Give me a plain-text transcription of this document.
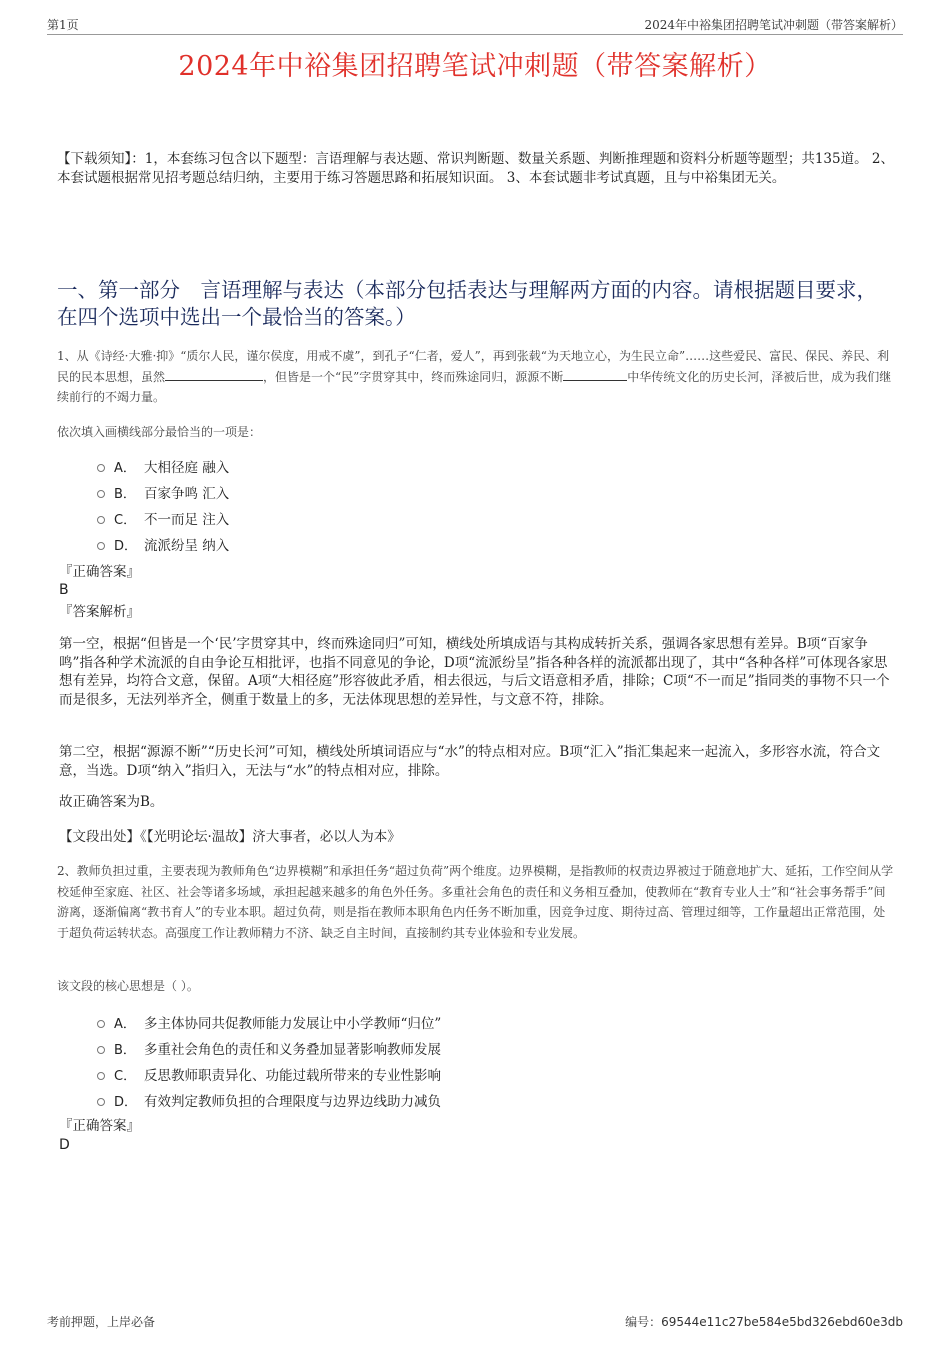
第1页	2024年中裕集团招聘笔试冲刺题（带答案解析）
2024年中裕集团招聘笔试冲刺题（带答案解析）
【下载须知】：1，本套练习包含以下题型：言语理解与表达题、常识判断题、数量关系题、判断推理题和资料分析题等题型；共135道。 2、本套试题根据常见招考题总结归纳，主要用于练习答题思路和拓展知识面。 3、本套试题非考试真题，且与中裕集团无关。
一、第一部分　言语理解与表达（本部分包括表达与理解两方面的内容。请根据题目要求，在四个选项中选出一个最恰当的答案。）
1、从《诗经·大雅·抑》“质尔人民，谨尔侯度，用戒不虞”，到孔子“仁者，爱人”，再到张载“为天地立心，为生民立命”……这些爱民、富民、保民、养民、利民的民本思想，虽然	，但皆是一个“民”字贯穿其中，终而殊途同归，源源不断	中华传统文化的历史长河，泽被后世，成为我们继续前行的不竭力量。
依次填入画横线部分最恰当的一项是：
A． 大相径庭 融入
B． 百家争鸣 汇入
C． 不一而足 注入
D． 流派纷呈 纳入
『正确答案』
B
『答案解析』
第一空，根据“但皆是一个‘民’字贯穿其中，终而殊途同归”可知，横线处所填成语与其构成转折关系，强调各家思想有差异。B项“百家争鸣”指各种学术流派的自由争论互相批评，也指不同意见的争论，D项“流派纷呈”指各种各样的流派都出现了，其中“各种各样”可体现各家思想有差异，均符合文意，保留。A项“大相径庭”形容彼此矛盾，相去很远，与后文语意相矛盾，排除；C项“不一而足”指同类的事物不只一个而是很多，无法列举齐全，侧重于数量上的多，无法体现思想的差异性，与文意不符，排除。
第二空，根据“源源不断”“历史长河”可知，横线处所填词语应与“水”的特点相对应。B项“汇入”指汇集起来一起流入，多形容水流，符合文意，当选。D项“纳入”指归入，无法与“水”的特点相对应，排除。
故正确答案为B。
【文段出处】《【光明论坛·温故】济大事者，必以人为本》
2、教师负担过重，主要表现为教师角色“边界模糊”和承担任务“超过负荷”两个维度。边界模糊，是指教师的权责边界被过于随意地扩大、延拓，工作空间从学校延伸至家庭、社区、社会等诸多场域，承担起越来越多的角色外任务。多重社会角色的责任和义务相互叠加，使教师在“教育专业人士”和“社会事务帮手”间游离，逐渐偏离“教书育人”的专业本职。超过负荷，则是指在教师本职角色内任务不断加重，因竞争过度、期待过高、管理过细等，工作量超出正常范围，处于超负荷运转状态。高强度工作让教师精力不济、缺乏自主时间，直接制约其专业体验和专业发展。
该文段的核心思想是（ ）。
A． 多主体协同共促教师能力发展让中小学教师“归位”
B． 多重社会角色的责任和义务叠加显著影响教师发展
C． 反思教师职责异化、功能过载所带来的专业性影响
D． 有效判定教师负担的合理限度与边界边线助力减负
『正确答案』
D
考前押题，上岸必备	编号：69544e11c27be584e5bd326ebd60e3db
